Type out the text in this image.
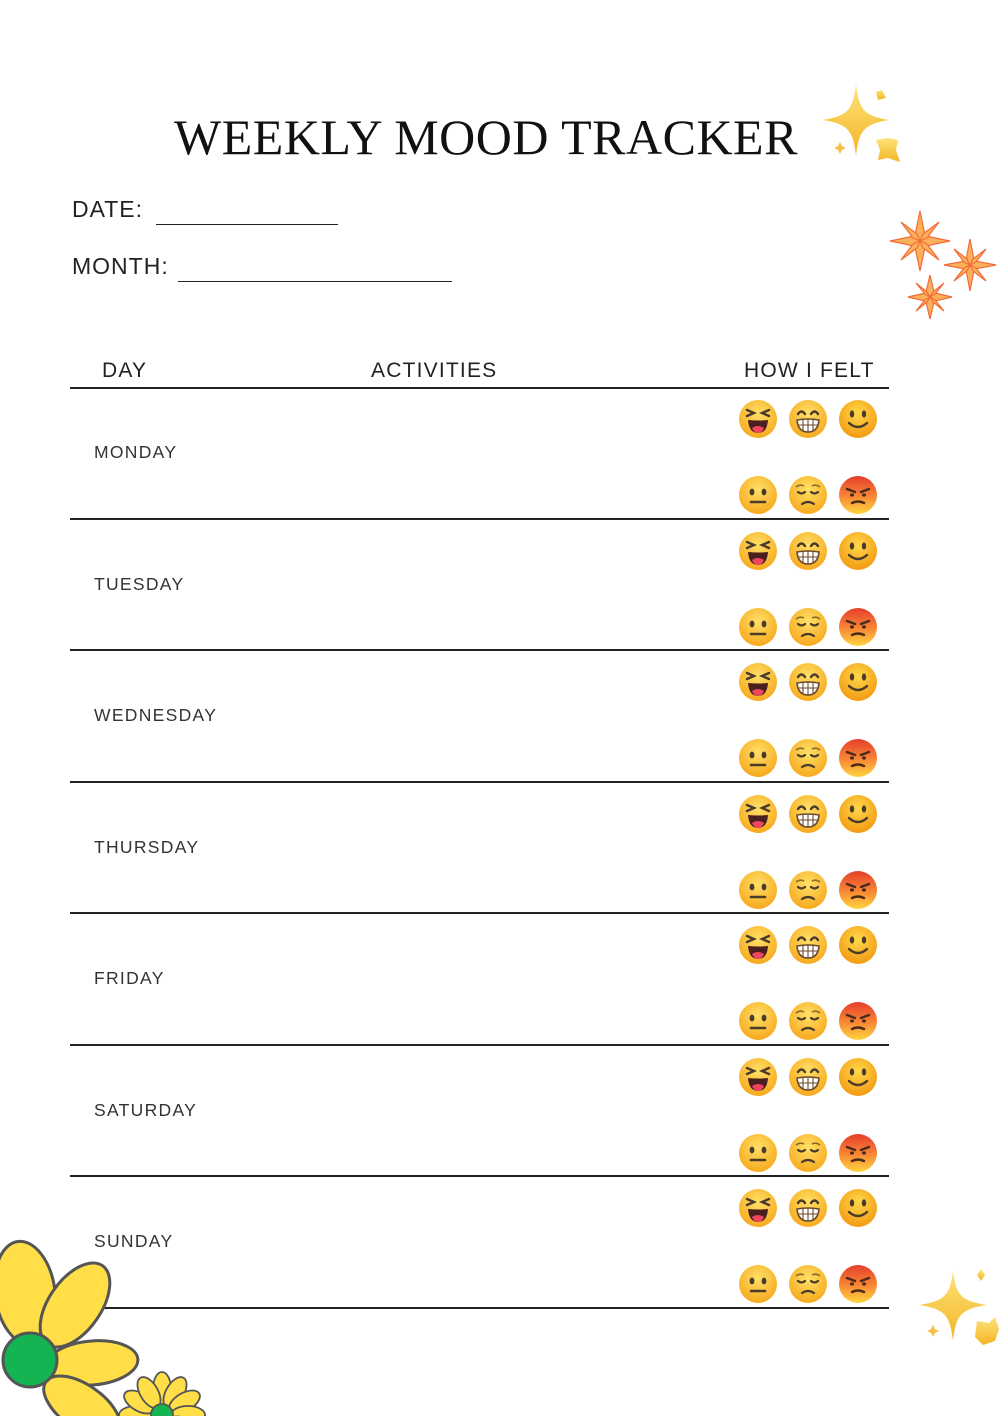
WEEKLY MOOD TRACKER
DATE:
MONTH:
DAY	ACTIVITIES	HOW I FELT
MONDAY
TUESDAY
WEDNESDAY
THURSDAY
FRIDAY
SATURDAY
SUNDAY
